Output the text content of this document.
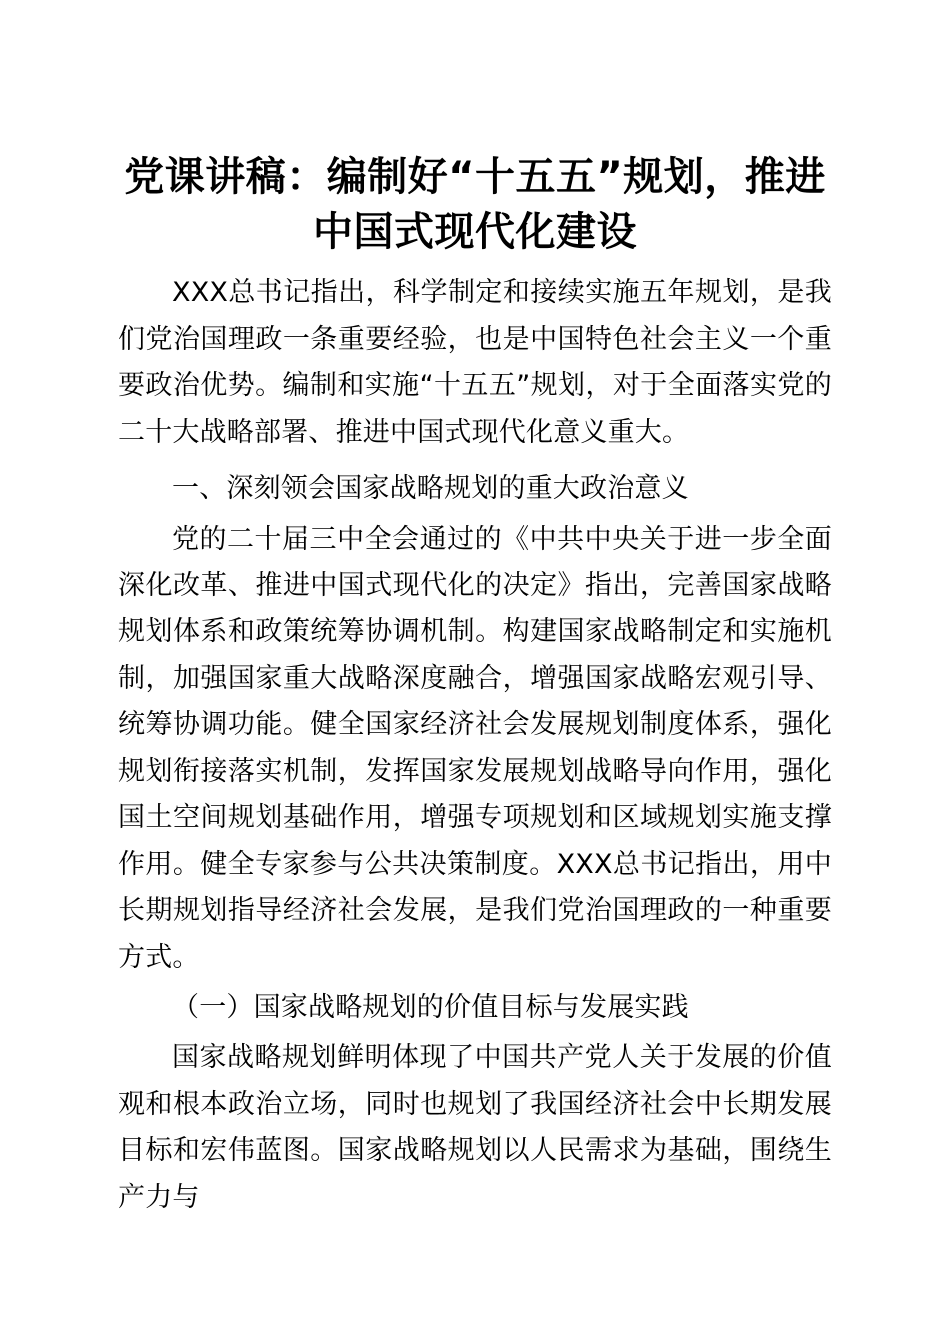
党课讲稿：编制好“十五五”规划，推进中国式现代化建设

XXX总书记指出，科学制定和接续实施五年规划，是我们党治国理政一条重要经验，也是中国特色社会主义一个重要政治优势。编制和实施“十五五”规划，对于全面落实党的二十大战略部署、推进中国式现代化意义重大。

一、深刻领会国家战略规划的重大政治意义

党的二十届三中全会通过的《中共中央关于进一步全面深化改革、推进中国式现代化的决定》指出，完善国家战略规划体系和政策统筹协调机制。构建国家战略制定和实施机制，加强国家重大战略深度融合，增强国家战略宏观引导、统筹协调功能。健全国家经济社会发展规划制度体系，强化规划衔接落实机制，发挥国家发展规划战略导向作用，强化国土空间规划基础作用，增强专项规划和区域规划实施支撑作用。健全专家参与公共决策制度。XXX总书记指出，用中长期规划指导经济社会发展，是我们党治国理政的一种重要方式。

（一）国家战略规划的价值目标与发展实践

国家战略规划鲜明体现了中国共产党人关于发展的价值观和根本政治立场，同时也规划了我国经济社会中长期发展目标和宏伟蓝图。国家战略规划以人民需求为基础，围绕生产力与
